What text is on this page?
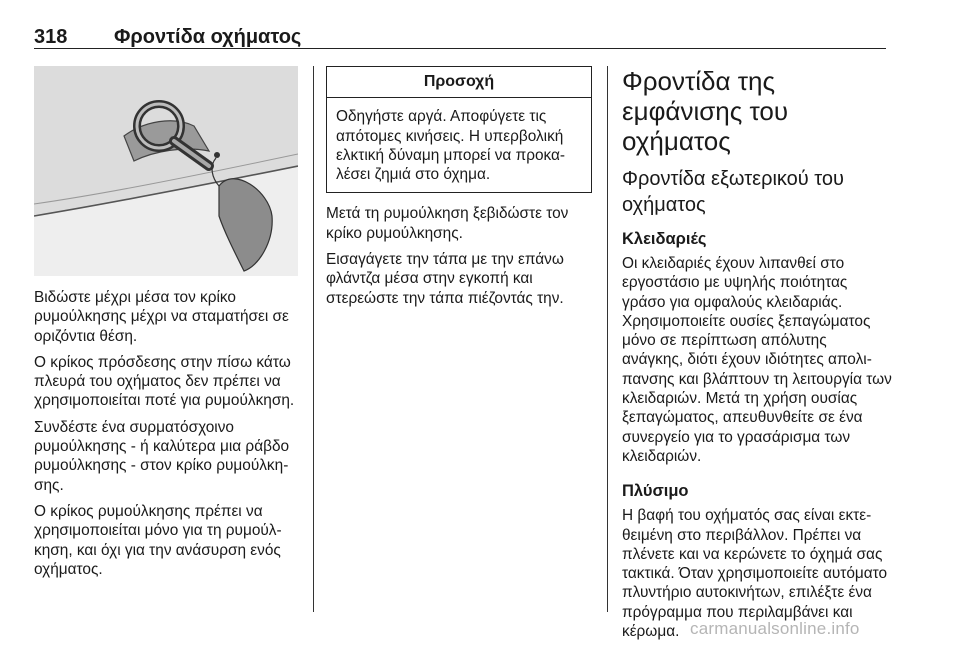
318 Φροντίδα οχήματος

Βιδώστε μέχρι μέσα τον κρίκο ρυμούλκησης μέχρι να σταματήσει σε οριζόντια θέση.

Ο κρίκος πρόσδεσης στην πίσω κάτω πλευρά του οχήματος δεν πρέπει να χρησιμοποιείται ποτέ για ρυμούλκηση.

Συνδέστε ένα συρματόσχοινο ρυμούλκησης - ή καλύτερα μια ράβδο ρυμούλκησης - στον κρίκο ρυμούλκησης.

Ο κρίκος ρυμούλκησης πρέπει να χρησιμοποιείται μόνο για τη ρυμούλκηση, και όχι για την ανάσυρση ενός οχήματος.

Προσοχή
Οδηγήστε αργά. Αποφύγετε τις απότομες κινήσεις. Η υπερβολική ελκτική δύναμη μπορεί να προκαλέσει ζημιά στο όχημα.

Μετά τη ρυμούλκηση ξεβιδώστε τον κρίκο ρυμούλκησης.

Εισαγάγετε την τάπα με την επάνω φλάντζα μέσα στην εγκοπή και στερεώστε την τάπα πιέζοντάς την.

Φροντίδα της εμφάνισης του οχήματος
Φροντίδα εξωτερικού του οχήματος
Κλειδαριές

Οι κλειδαριές έχουν λιπανθεί στο εργοστάσιο με υψηλής ποιότητας γράσο για ομφαλούς κλειδαριάς. Χρησιμοποιείτε ουσίες ξεπαγώματος μόνο σε περίπτωση απόλυτης ανάγκης, διότι έχουν ιδιότητες απολιπανσης και βλάπτουν τη λειτουργία των κλειδαριών. Μετά τη χρήση ουσίας ξεπαγώματος, απευθυνθείτε σε ένα συνεργείο για το γρασάρισμα των κλειδαριών.

Πλύσιμο

Η βαφή του οχήματός σας είναι εκτεθειμένη στο περιβάλλον. Πρέπει να πλένετε και να κερώνετε το όχημά σας τακτικά. Όταν χρησιμοποιείτε αυτόματο πλυντήριο αυτοκινήτων, επιλέξτε ένα πρόγραμμα που περιλαμβάνει και κέρωμα. carmanualsonline.info
